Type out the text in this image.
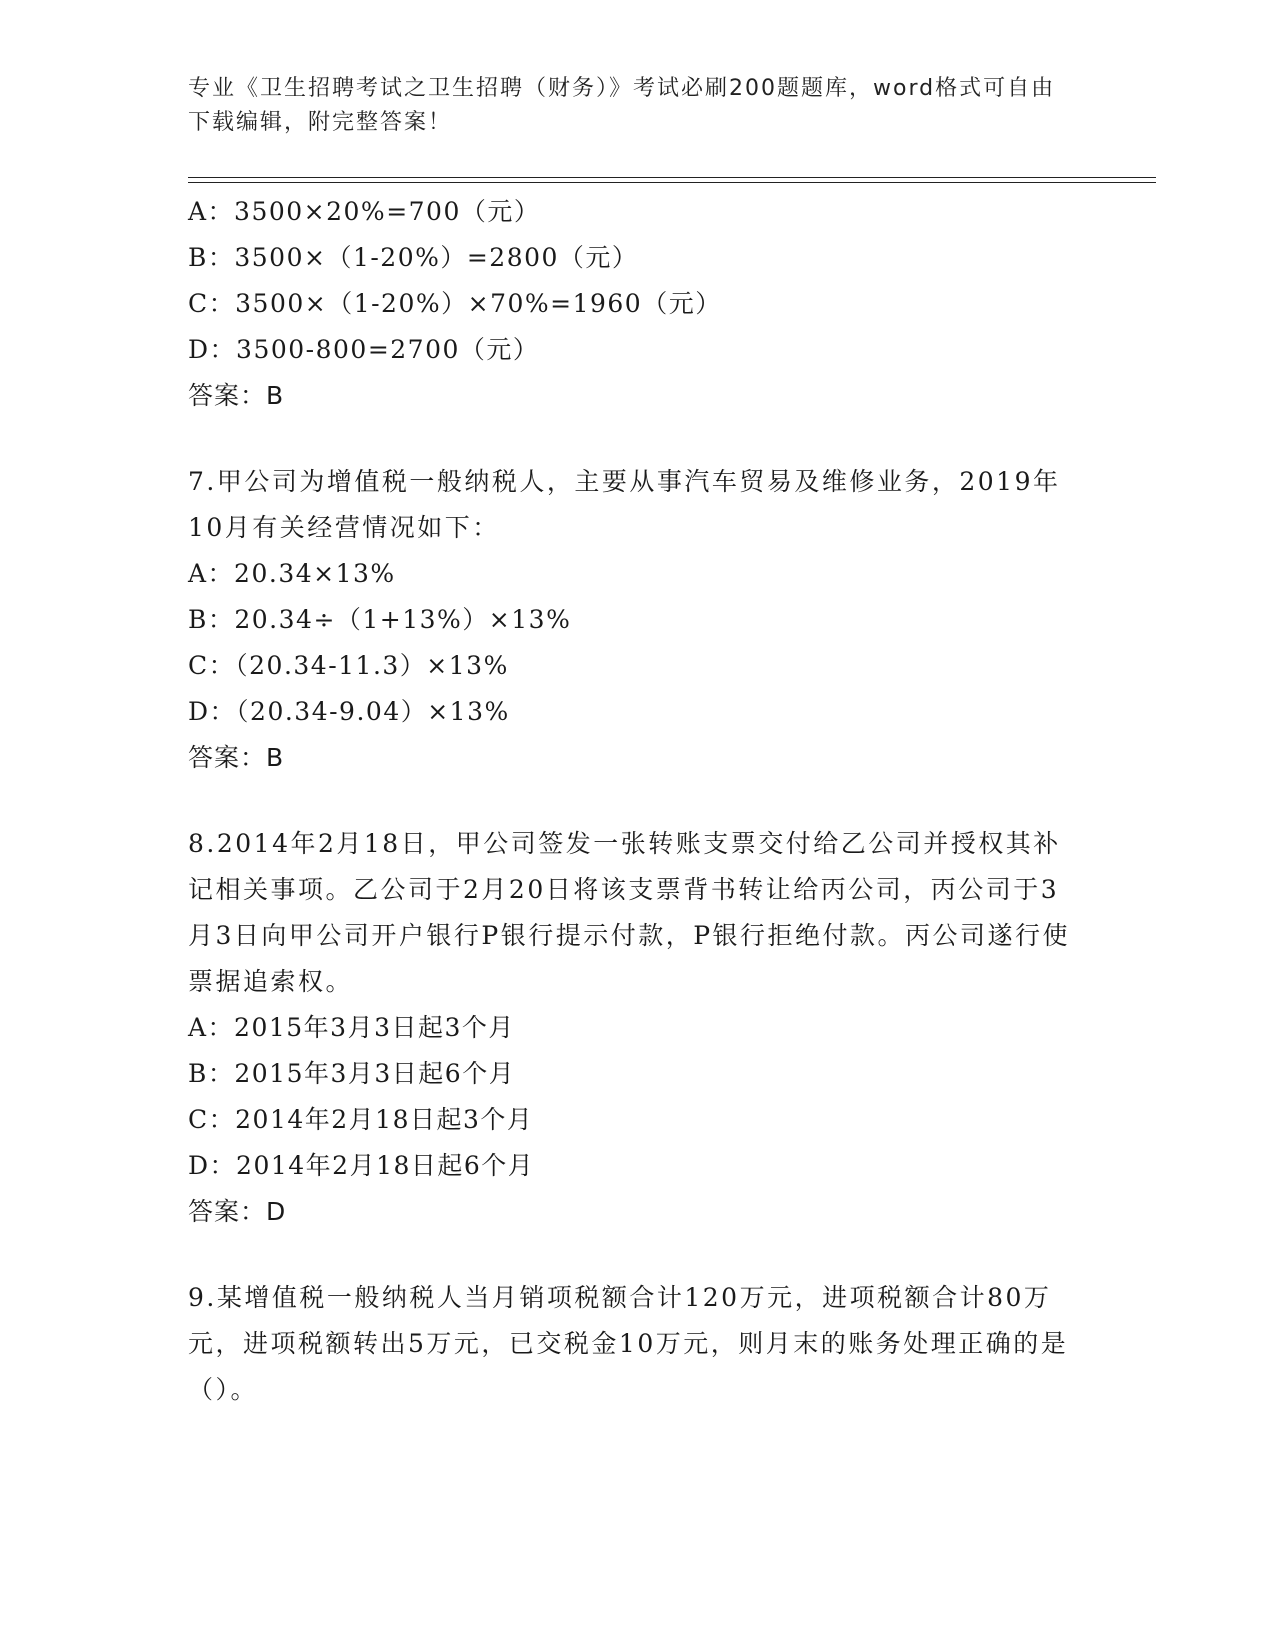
专业《卫生招聘考试之卫生招聘（财务）》考试必刷200题题库，word格式可自由下载编辑，附完整答案！
A：3500×20%=700（元）
B：3500×（1-20%）=2800（元）
C：3500×（1-20%）×70%=1960（元）
D：3500-800=2700（元）
答案：B
7.甲公司为增值税一般纳税人，主要从事汽车贸易及维修业务，2019年10月有关经营情况如下：
A：20.34×13%
B：20.34÷（1+13%）×13%
C：（20.34-11.3）×13%
D：（20.34-9.04）×13%
答案：B
8.2014年2月18日，甲公司签发一张转账支票交付给乙公司并授权其补记相关事项。乙公司于2月20日将该支票背书转让给丙公司，丙公司于3月3日向甲公司开户银行P银行提示付款，P银行拒绝付款。丙公司遂行使票据追索权。
A：2015年3月3日起3个月
B：2015年3月3日起6个月
C：2014年2月18日起3个月
D：2014年2月18日起6个月
答案：D
9.某增值税一般纳税人当月销项税额合计120万元，进项税额合计80万元，进项税额转出5万元，已交税金10万元，则月末的账务处理正确的是（）。
